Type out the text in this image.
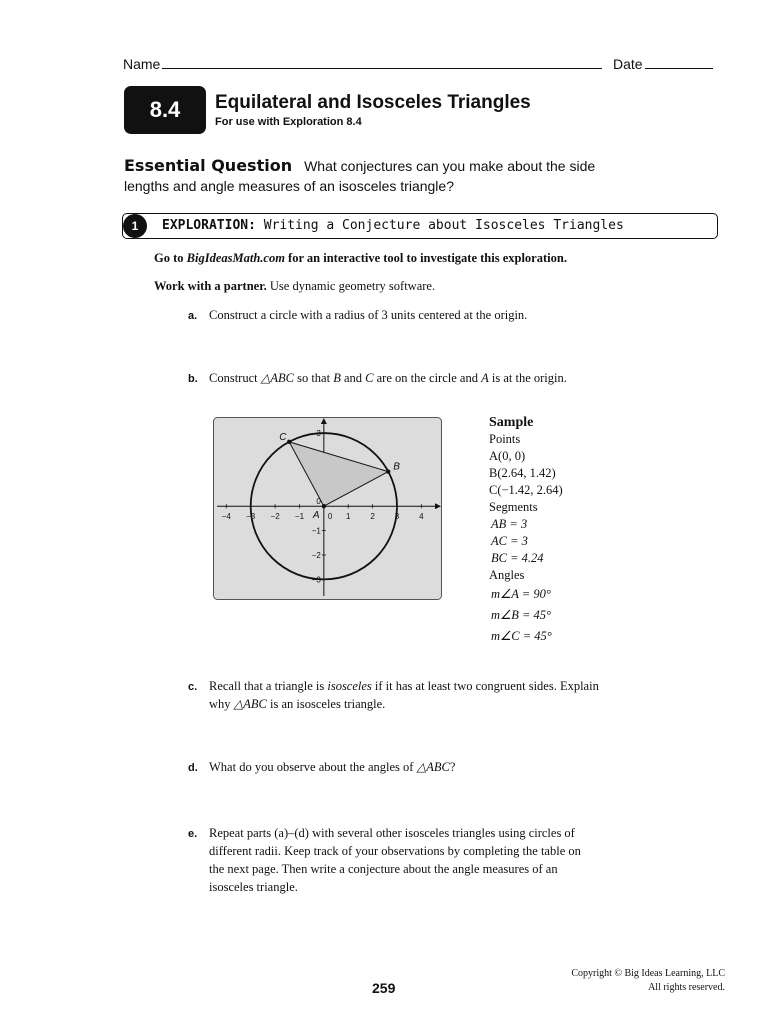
Name	Date
8.4	Equilateral and Isosceles Triangles
For use with Exploration 8.4
Essential Question What conjectures can you make about the side
lengths and angle measures of an isosceles triangle?
1	EXPLORATION: Writing a Conjecture about Isosceles Triangles
Go to BigIdeasMath.com for an interactive tool to investigate this exploration.
Work with a partner. Use dynamic geometry software.
a. Construct a circle with a radius of 3 units centered at the origin.
b. Construct △ABC so that B and C are on the circle and A is at the origin.
−4 −3 −2 −1	1 2 3 4
−3
−2
−1
0
3
0
A
B
C
Sample
Points
A(0, 0)
B(2.64, 1.42)
C(−1.42, 2.64)
Segments
AB = 3
AC = 3
BC = 4.24
Angles
m∠A = 90°
m∠B = 45°
m∠C = 45°
c. Recall that a triangle is isosceles if it has at least two congruent sides. Explain
why △ABC is an isosceles triangle.
d. What do you observe about the angles of △ABC?
e. Repeat parts (a)–(d) with several other isosceles triangles using circles of
different radii. Keep track of your observations by completing the table on
the next page. Then write a conjecture about the angle measures of an
isosceles triangle.
259
Copyright © Big Ideas Learning, LLC
All rights reserved.
